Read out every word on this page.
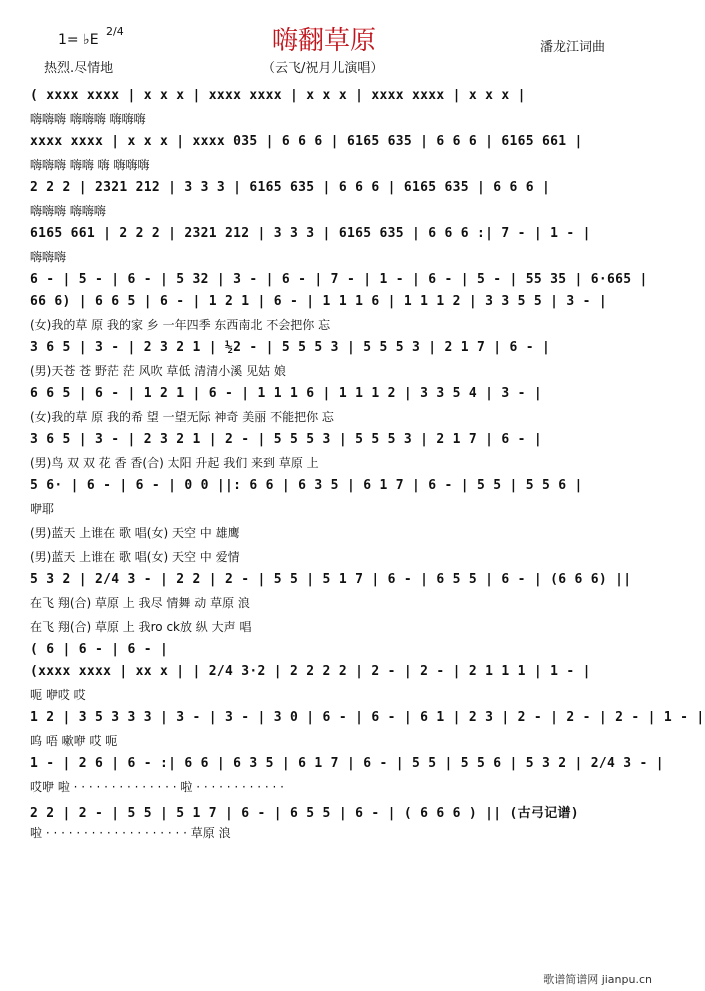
1= ♭E
2/4
热烈.尽情地
嗨翻草原
（云飞/祝月儿演唱）
潘龙江词曲
( xxxx xxxx | x x x | xxxx xxxx | x x x | xxxx xxxx | x x x |
嗨嗨嗨 嗨嗨嗨 嗨嗨嗨
xxxx xxxx | x x x | xxxx 035 | 6 6 6 | 6165 635 | 6 6 6 | 6165 661 |
嗨嗨嗨 嗨嗨 嗨 嗨嗨嗨
2 2 2 | 2321 212 | 3 3 3 | 6165 635 | 6 6 6 | 6165 635 | 6 6 6 |
嗨嗨嗨 嗨嗨嗨
6165 661 | 2 2 2 | 2321 212 | 3 3 3 | 6165 635 | 6 6 6 :| 7 - | 1 - |
嗨嗨嗨
6 - | 5 - | 6 - | 5 32 | 3 - | 6 - | 7 - | 1 - | 6 - | 5 - | 55 35 | 6·665 |
66 6) | 6 6 5 | 6 - | 1 2 1 | 6 - | 1 1 1 6 | 1 1 1 2 | 3 3 5 5 | 3 - |
(女)我的草 原 我的家 乡 一年四季 东西南北 不会把你 忘
3 6 5 | 3 - | 2 3 2 1 | ½2 - | 5 5 5 3 | 5 5 5 3 | 2 1 7 | 6 - |
(男)天苍 苍 野茫 茫 风吹 草低 清清小溪 见姑 娘
6 6 5 | 6 - | 1 2 1 | 6 - | 1 1 1 6 | 1 1 1 2 | 3 3 5 4 | 3 - |
(女)我的草 原 我的希 望 一望无际 神奇 美丽 不能把你 忘
3 6 5 | 3 - | 2 3 2 1 | 2 - | 5 5 5 3 | 5 5 5 3 | 2 1 7 | 6 - |
(男)鸟 双 双 花 香 香(合) 太阳 升起 我们 来到 草原 上
5 6· | 6 - | 6 - | 0 0 ||: 6 6 | 6 3 5 | 6 1 7 | 6 - | 5 5 | 5 5 6 |
咿耶
(男)蓝天 上谁在 歌 唱(女) 天空 中 雄鹰
(男)蓝天 上谁在 歌 唱(女) 天空 中 爱情
5 3 2 | 2/4 3 - | 2 2 | 2 - | 5 5 | 5 1 7 | 6 - | 6 5 5 | 6 - | (6 6 6) ||
在飞 翔(合) 草原 上 我尽 情舞 动 草原 浪
在飞 翔(合) 草原 上 我ro ck放 纵 大声 唱
( 6 | 6 - | 6 - |
(xxxx xxxx | xx x | | 2/4 3·2 | 2 2 2 2 | 2 - | 2 - | 2 1 1 1 | 1 - |
呃 咿哎 哎
1 2 | 3 5 3 3 3 | 3 - | 3 - | 3 0 | 6 - | 6 - | 6 1 | 2 3 | 2 - | 2 - | 2 - | 1 - |
呜 唔 嗽咿 哎 呃
1 - | 2 6 | 6 - :| 6 6 | 6 3 5 | 6 1 7 | 6 - | 5 5 | 5 5 6 | 5 3 2 | 2/4 3 - |
哎咿 啦 · · · · · · · · · · · · · · 啦 · · · · · · · · · · · ·
2 2 | 2 - | 5 5 | 5 1 7 | 6 - | 6 5 5 | 6 - | ( 6 6 6 ) || (古弓记谱)
啦 · · · · · · · · · · · · · · · · · · · 草原 浪
歌谱简谱网 jianpu.cn
